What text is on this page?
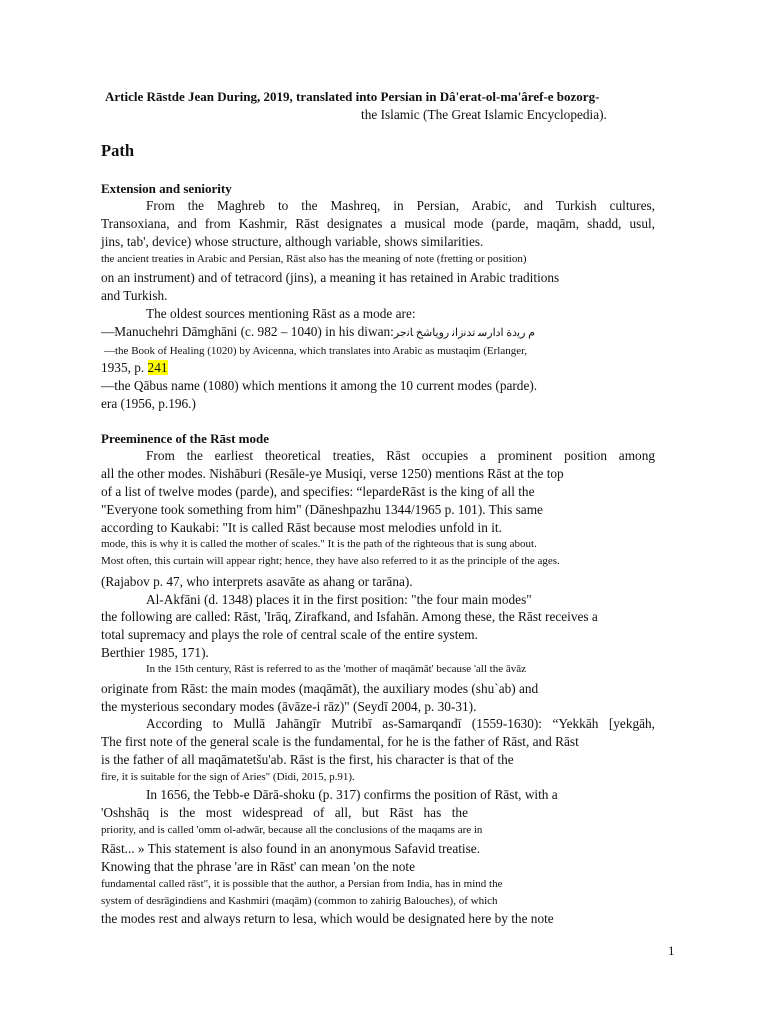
Article Rāstde Jean During, 2019, translated into Persian in Dâ'erat-ol-ma'âref-e bozorg-
the Islamic (The Great Islamic Encyclopedia).
Path
Extension and seniority
From the Maghreb to the Mashreq, in Persian, Arabic, and Turkish cultures,
Transoxiana, and from Kashmir, Rāst designates a musical mode (parde, maqām, shadd, usul,
jins, tab', device) whose structure, although variable, shows similarities.
the ancient treaties in Arabic and Persian, Rāst also has the meaning of note (fretting or position)
on an instrument) and of tetracord (jins), a meaning it has retained in Arabic traditions
and Turkish.
The oldest sources mentioning Rāst as a mode are:
—Manuchehri Dāmghāni (c. 982 – 1040) in his diwan:م رﯾدة ادارﺳ تدﻧزاﻧ روﯾﺎﺷﺦ ﺎﻧجر
—the Book of Healing (1020) by Avicenna, which translates into Arabic as mustaqim (Erlanger,
1935, p. 241
—the Qābus name (1080) which mentions it among the 10 current modes (parde).
era (1956, p.196.)
Preeminence of the Rāst mode
From the earliest theoretical treaties, Rāst occupies a prominent position among
all the other modes. Nishāburi (Resāle-ye Musiqi, verse 1250) mentions Rāst at the top
of a list of twelve modes (parde), and specifies: “lepardeRāst is the king of all the
"Everyone took something from him" (Dāneshpazhu 1344/1965 p. 101). This same
according to Kaukabi: "It is called Rāst because most melodies unfold in it.
mode, this is why it is called the mother of scales." It is the path of the righteous that is sung about.
Most often, this curtain will appear right; hence, they have also referred to it as the principle of the ages.
(Rajabov p. 47, who interprets asavāte as ahang or tarāna).
Al-Akfāni (d. 1348) places it in the first position: "the four main modes"
the following are called: Rāst, 'Irāq, Zirafkand, and Isfahān. Among these, the Rāst receives a
total supremacy and plays the role of central scale of the entire system.
Berthier 1985, 171).
In the 15th century, Rāst is referred to as the 'mother of maqāmāt' because 'all the āvāz
originate from Rāst: the main modes (maqāmāt), the auxiliary modes (shu`ab) and
the mysterious secondary modes (āvāze-i rāz)" (Seydī 2004, p. 30-31).
According to Mullā Jahāngīr Mutribī as-Samarqandī (1559-1630): “Yekkāh [yekgāh,
The first note of the general scale is the fundamental, for he is the father of Rāst, and Rāst
is the father of all maqāmatetšu'ab. Rāst is the first, his character is that of the
fire, it is suitable for the sign of Aries" (Didi, 2015, p.91).
In 1656, the Tebb-e Dārā-shoku (p. 317) confirms the position of Rāst, with a
'Oshshāq is the most widespread of all, but Rāst has the
priority, and is called 'omm ol-adwār, because all the conclusions of the maqams are in
Rāst... » This statement is also found in an anonymous Safavid treatise.
Knowing that the phrase 'are in Rāst' can mean 'on the note
fundamental called rāst", it is possible that the author, a Persian from India, has in mind the
system of desrāgindiens and Kashmiri (maqām) (common to zahirig Balouches), of which
the modes rest and always return to lesa, which would be designated here by the note
1
